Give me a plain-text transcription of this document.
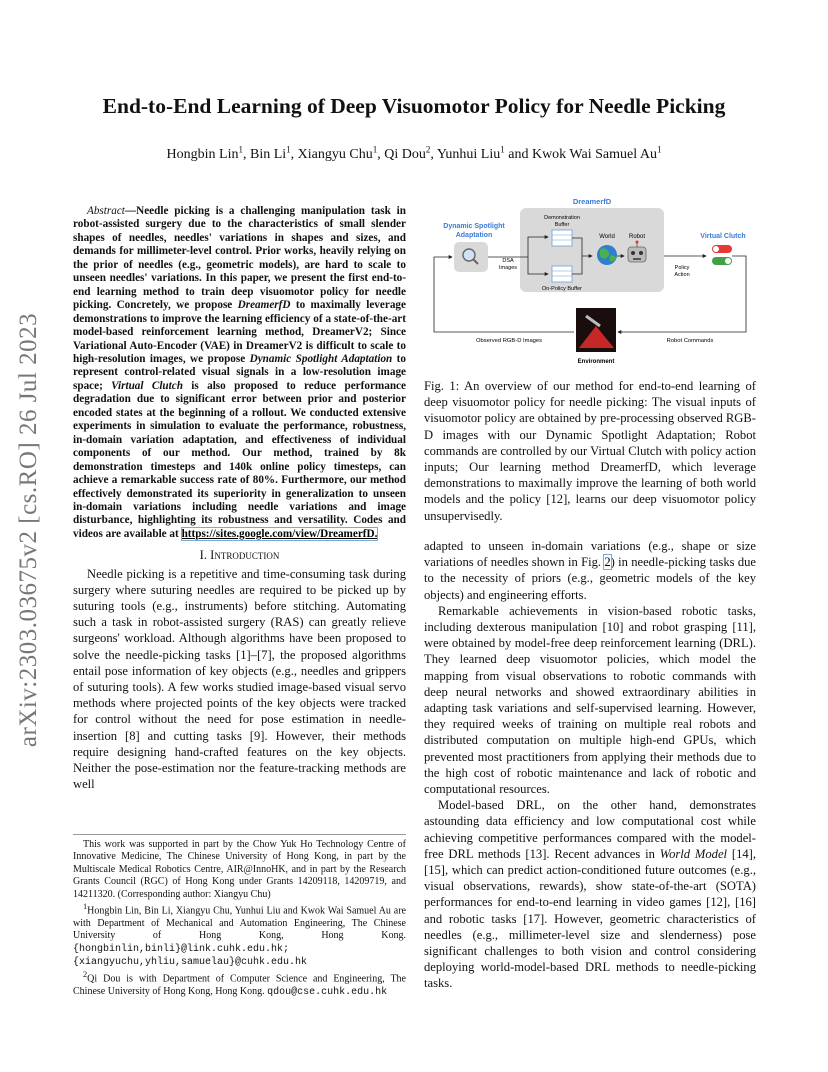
arXiv:2303.03675v2 [cs.RO] 26 Jul 2023
End-to-End Learning of Deep Visuomotor Policy for Needle Picking
Hongbin Lin$^1$, Bin Li$^1$, Xiangyu Chu$^1$, Qi Dou$^2$, Yunhui Liu$^1$ and Kwok Wai Samuel Au$^1$

Abstract—Needle picking is a challenging manipulation task in robot-assisted surgery due to the characteristics of small slender shapes of needles, needles' variations in shapes and sizes, and demands for millimeter-level control. Prior works, heavily relying on the prior of needles (e.g., geometric models), are hard to scale to unseen needles' variations. In this paper, we present the first end-to-end learning method to train deep visuomotor policy for needle picking. Concretely, we propose DreamerfD to maximally leverage demonstrations to improve the learning efficiency of a state-of-the-art model-based reinforcement learning method, DreamerV2; Since Variational Auto-Encoder (VAE) in DreamerV2 is difficult to scale to high-resolution images, we propose Dynamic Spotlight Adaptation to represent control-related visual signals in a low-resolution image space; Virtual Clutch is also proposed to reduce performance degradation due to significant error between prior and posterior encoded states at the beginning of a rollout. We conducted extensive experiments in simulation to evaluate the performance, robustness, in-domain variation adaptation, and effectiveness of individual components of our method. Our method, trained by 8k demonstration timesteps and 140k online policy timesteps, can achieve a remarkable success rate of 80%. Furthermore, our method effectively demonstrated its superiority in generalization to unseen in-domain variations including needle variations and image disturbance, highlighting its robustness and versatility. Codes and videos are available at https://sites.google.com/view/DreamerfD.

I. Introduction

Needle picking is a repetitive and time-consuming task during surgery where suturing needles are required to be picked up by suturing tools (e.g., instruments) before stitching. Automating such a task in robot-assisted surgery (RAS) can greatly relieve surgeons' workload. Although algorithms have been proposed to solve the needle-picking tasks [1]–[7], the proposed algorithms entail pose information of key objects (e.g., needles and grippers of suturing tools). A few works studied image-based visual servo methods where projected points of the key objects were tracked for control without the need for pose estimation in needle-insertion [8] and cutting tasks [9]. However, their methods require designing hand-crafted features on the key objects. Neither the pose-estimation nor the feature-tracking methods are well

This work was supported in part by the Chow Yuk Ho Technology Centre of Innovative Medicine, The Chinese University of Hong Kong, in part by the Multiscale Medical Robotics Centre, AIR@InnoHK, and in part by the Research Grants Council (RGC) of Hong Kong under Grants 14209118, 14209719, and 14211320. (Corresponding author: Xiangyu Chu)

$^1$Hongbin Lin, Bin Li, Xiangyu Chu, Yunhui Liu and Kwok Wai Samuel Au are with Department of Mechanical and Automation Engineering, The Chinese University of Hong Kong, Hong Kong. {hongbinlin,binli}@link.cuhk.edu.hk; {xiangyuchu,yhliu,samuelau}@cuhk.edu.hk

$^2$Qi Dou is with Department of Computer Science and Engineering, The Chinese University of Hong Kong, Hong Kong. qdou@cse.cuhk.edu.hk

DreamerfD
Dynamic Spotlight
Adaptation
DSA
Images
Demonstration
Buffer
On-Policy Buffer
World Robot
Policy
Action
Virtual Clutch
Observed RGB-D Images	Robot Commands
Environment
Fig. 1: An overview of our method for end-to-end learning of deep visuomotor policy for needle picking: The visual inputs of visuomotor policy are obtained by pre-processing observed RGB-D images with our Dynamic Spotlight Adaptation; Robot commands are controlled by our Virtual Clutch with policy action inputs; Our learning method DreamerfD, which leverage demonstrations to maximally improve the learning of both world models and the policy [12], learns our deep visuomotor policy unsupervisedly.

adapted to unseen in-domain variations (e.g., shape or size variations of needles shown in Fig. 2) in needle-picking tasks due to the necessity of priors (e.g., geometric models of the key objects) and engineering efforts.

Remarkable achievements in vision-based robotic tasks, including dexterous manipulation [10] and robot grasping [11], were obtained by model-free deep reinforcement learning (DRL). They learned deep visuomotor policies, which model the mapping from visual observations to robotic commands with deep neural networks and showed extraordinary abilities in adapting task variations and self-supervised learning. However, they required weeks of training on multiple real robots and distributed computation on multiple high-end GPUs, which prevented most practitioners from applying their methods due to the high cost of robotic maintenance and lack of robotic and computational resources.

Model-based DRL, on the other hand, demonstrates astounding data efficiency and low computational cost while achieving competitive performances compared with the model-free DRL methods [13]. Recent advances in World Model [14], [15], which can predict action-conditioned future outcomes (e.g., visual observations, rewards), show state-of-the-art (SOTA) performances for end-to-end learning in video games [12], [16] and robotic tasks [17]. However, geometric characteristics of needles (e.g., millimeter-level size and slenderness) pose significant challenges to both vision and control considering deploying world-model-based DRL methods to needle-picking tasks.
